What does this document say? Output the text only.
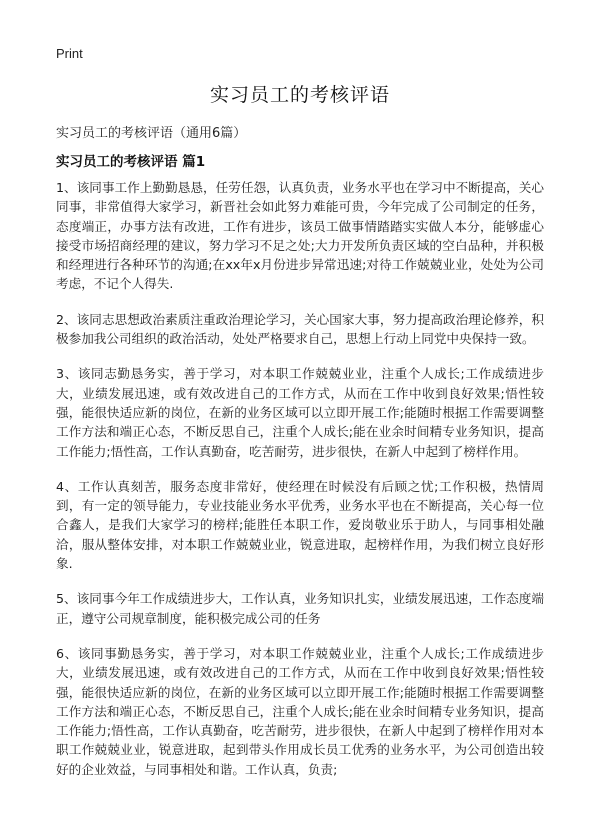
Print
实习员工的考核评语
实习员工的考核评语（通用6篇）
实习员工的考核评语 篇1

1、该同事工作上勤勤恳恳，任劳任怨，认真负责，业务水平也在学习中不断提高，关心同事，非常值得大家学习，新晋社会如此努力难能可贵，今年完成了公司制定的任务，态度端正，办事方法有改进，工作有进步，该员工做事情踏踏实实做人本分，能够虚心接受市场招商经理的建议，努力学习不足之处;大力开发所负责区域的空白品种，并积极和经理进行各种环节的沟通;在xx年x月份进步异常迅速;对待工作兢兢业业，处处为公司考虑，不记个人得失.

2、该同志思想政治素质注重政治理论学习，关心国家大事，努力提高政治理论修养，积极参加我公司组织的政治活动，处处严格要求自己，思想上行动上同党中央保持一致。

3、该同志勤恳务实，善于学习，对本职工作兢兢业业，注重个人成长;工作成绩进步大，业绩发展迅速，或有效改进自己的工作方式，从而在工作中收到良好效果;悟性较强，能很快适应新的岗位，在新的业务区域可以立即开展工作;能随时根据工作需要调整工作方法和端正心态，不断反思自己，注重个人成长;能在业余时间精专业务知识，提高工作能力;悟性高，工作认真勤奋，吃苦耐劳，进步很快，在新人中起到了榜样作用。

4、工作认真刻苦，服务态度非常好，使经理在时候没有后顾之忧;工作积极，热情周到，有一定的领导能力，专业技能业务水平优秀，业务水平也在不断提高，关心每一位合鑫人，是我们大家学习的榜样;能胜任本职工作，爱岗敬业乐于助人，与同事相处融洽，服从整体安排，对本职工作兢兢业业，锐意进取，起榜样作用，为我们树立良好形象.

5、该同事今年工作成绩进步大，工作认真，业务知识扎实，业绩发展迅速，工作态度端正，遵守公司规章制度，能积极完成公司的任务

6、该同事勤恳务实，善于学习，对本职工作兢兢业业，注重个人成长;工作成绩进步大，业绩发展迅速，或有效改进自己的工作方式，从而在工作中收到良好效果;悟性较强，能很快适应新的岗位，在新的业务区域可以立即开展工作;能随时根据工作需要调整工作方法和端正心态，不断反思自己，注重个人成长;能在业余时间精专业务知识，提高工作能力;悟性高，工作认真勤奋，吃苦耐劳，进步很快，在新人中起到了榜样作用对本职工作兢兢业业，锐意进取，起到带头作用成长员工优秀的业务水平，为公司创造出较好的企业效益，与同事相处和谐。工作认真，负责;
